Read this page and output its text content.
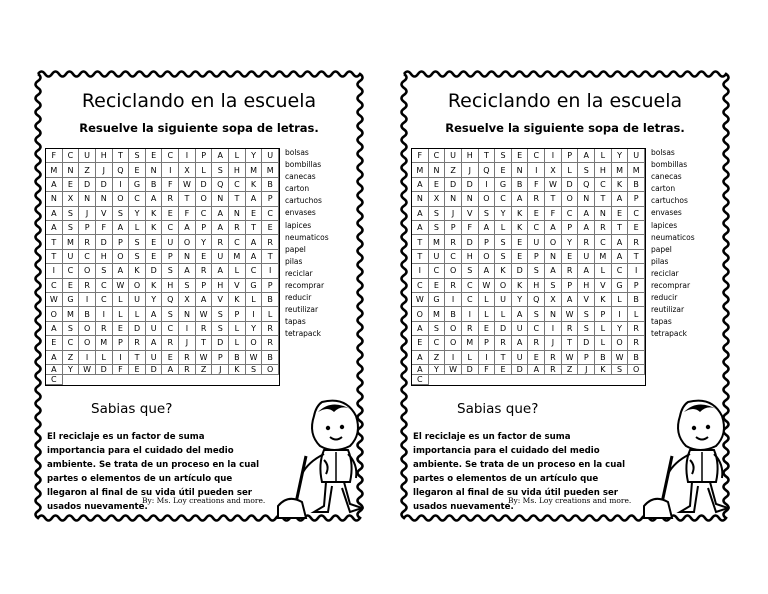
Reciclando en la escuela
Resuelve la siguiente sopa de letras.
F	C	U	H	T	S	E	C	I	P	A	L	Y	U
M	N	Z	J	Q	E	N	I	X	L	S	H	M	M
A	E	D	D	I	G	B	F	W	D	Q	C	K	B
N	X	N	N	O	C	A	R	T	O	N	T	A	P
A	S	J	V	S	Y	K	E	F	C	A	N	E	C
A	S	P	F	A	L	K	C	A	P	A	R	T	E
T	M	R	D	P	S	E	U	O	Y	R	C	A	R
T	U	C	H	O	S	E	P	N	E	U	M	A	T
I	C	O	S	A	K	D	S	A	R	A	L	C	I
C	E	R	C	W	O	K	H	S	P	H	V	G	P
W	G	I	C	L	U	Y	Q	X	A	V	K	L	B
O	M	B	I	L	L	A	S	N	W	S	P	I	L
A	S	O	R	E	D	U	C	I	R	S	L	Y	R
E	C	O	M	P	R	A	R	J	T	D	L	O	R
A	Z	I	L	I	T	U	E	R	W	P	B	W	B
A	Y	W	D	F	E	D	A	R	Z	J	K	S	O
C
bolsas
bombillas
canecas
carton
cartuchos
envases
lapices
neumaticos
papel
pilas
reciclar
recomprar
reducir
reutilizar
tapas
tetrapack
Sabias que?
El reciclaje es un factor de suma importancia para el cuidado del medio ambiente. Se trata de un proceso en la cual partes o elementos de un artículo que llegaron al final de su vida útil pueden ser usados nuevamente.
By: Ms. Loy creations and more.
Reciclando en la escuela
Resuelve la siguiente sopa de letras.
F	C	U	H	T	S	E	C	I	P	A	L	Y	U
M	N	Z	J	Q	E	N	I	X	L	S	H	M	M
A	E	D	D	I	G	B	F	W	D	Q	C	K	B
N	X	N	N	O	C	A	R	T	O	N	T	A	P
A	S	J	V	S	Y	K	E	F	C	A	N	E	C
A	S	P	F	A	L	K	C	A	P	A	R	T	E
T	M	R	D	P	S	E	U	O	Y	R	C	A	R
T	U	C	H	O	S	E	P	N	E	U	M	A	T
I	C	O	S	A	K	D	S	A	R	A	L	C	I
C	E	R	C	W	O	K	H	S	P	H	V	G	P
W	G	I	C	L	U	Y	Q	X	A	V	K	L	B
O	M	B	I	L	L	A	S	N	W	S	P	I	L
A	S	O	R	E	D	U	C	I	R	S	L	Y	R
E	C	O	M	P	R	A	R	J	T	D	L	O	R
A	Z	I	L	I	T	U	E	R	W	P	B	W	B
A	Y	W	D	F	E	D	A	R	Z	J	K	S	O
C
bolsas
bombillas
canecas
carton
cartuchos
envases
lapices
neumaticos
papel
pilas
reciclar
recomprar
reducir
reutilizar
tapas
tetrapack
Sabias que?
El reciclaje es un factor de suma importancia para el cuidado del medio ambiente. Se trata de un proceso en la cual partes o elementos de un artículo que llegaron al final de su vida útil pueden ser usados nuevamente.
By: Ms. Loy creations and more.
